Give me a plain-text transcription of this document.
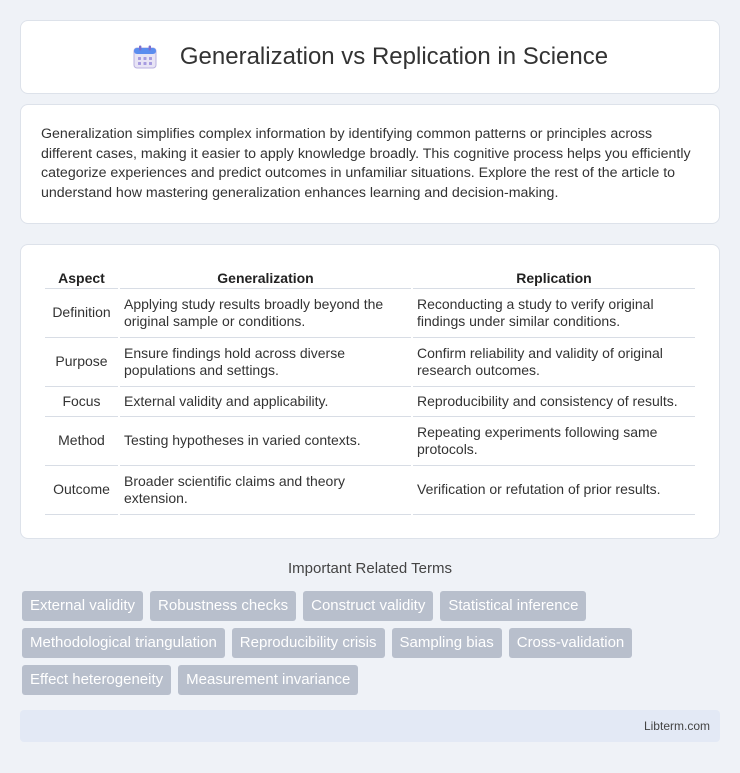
Generalization vs Replication in Science

Generalization simplifies complex information by identifying common patterns or principles across different cases, making it easier to apply knowledge broadly. This cognitive process helps you efficiently categorize experiences and predict outcomes in unfamiliar situations. Explore the rest of the article to understand how mastering generalization enhances learning and decision-making.

Aspect	Generalization	Replication
Definition	Applying study results broadly beyond the original sample or conditions.	Reconducting a study to verify original findings under similar conditions.
Purpose	Ensure findings hold across diverse populations and settings.	Confirm reliability and validity of original research outcomes.
Focus	External validity and applicability.	Reproducibility and consistency of results.
Method	Testing hypotheses in varied contexts.	Repeating experiments following same protocols.
Outcome	Broader scientific claims and theory extension.	Verification or refutation of prior results.
Important Related Terms
External validity	Robustness checks	Construct validity	Statistical inference
Methodological triangulation	Reproducibility crisis	Sampling bias	Cross-validation
Effect heterogeneity	Measurement invariance
Libterm.com
